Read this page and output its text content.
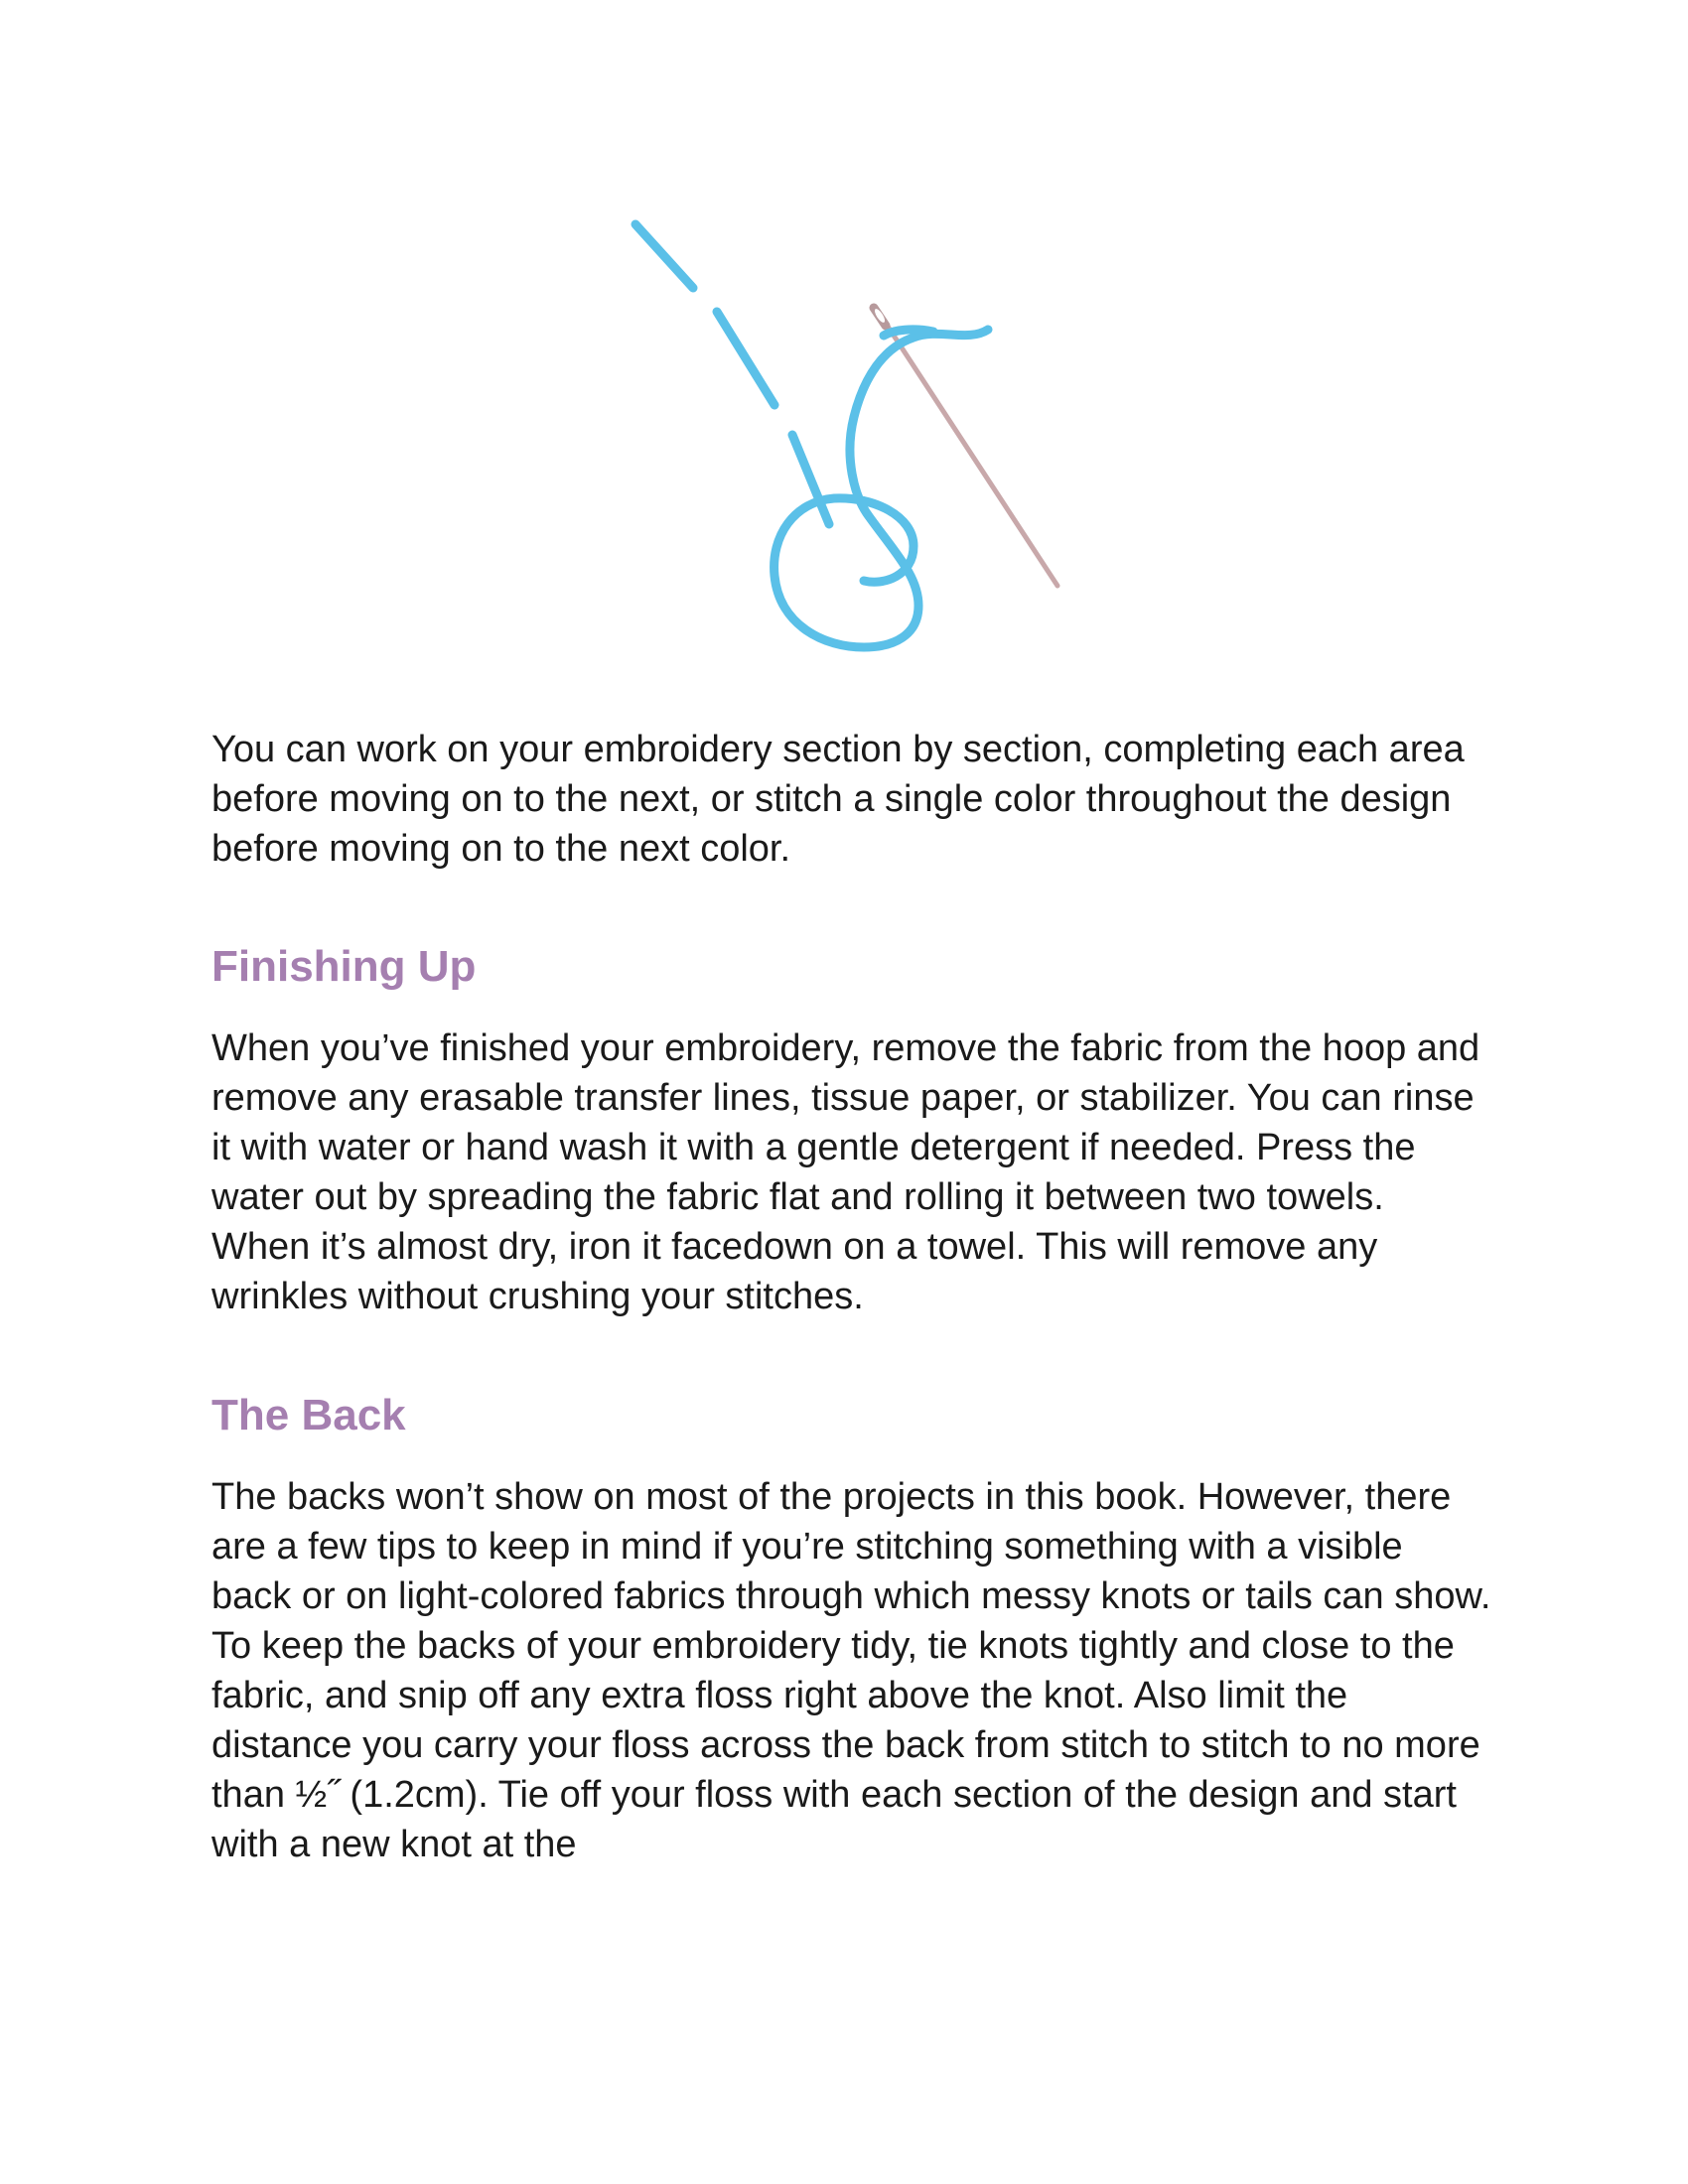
You can work on your embroidery section by section, completing each area before moving on to the next, or stitch a single color throughout the design before moving on to the next color.

Finishing Up

When you’ve finished your embroidery, remove the fabric from the hoop and remove any erasable transfer lines, tissue paper, or stabilizer. You can rinse it with water or hand wash it with a gentle detergent if needed. Press the water out by spreading the fabric flat and rolling it between two towels. When it’s almost dry, iron it facedown on a towel. This will remove any wrinkles without crushing your stitches.

The Back

The backs won’t show on most of the projects in this book. However, there are a few tips to keep in mind if you’re stitching something with a visible back or on light-colored fabrics through which messy knots or tails can show. To keep the backs of your embroidery tidy, tie knots tightly and close to the fabric, and snip off any extra floss right above the knot. Also limit the distance you carry your floss across the back from stitch to stitch to no more than ½˝ (1.2cm). Tie off your floss with each section of the design and start with a new knot at the
